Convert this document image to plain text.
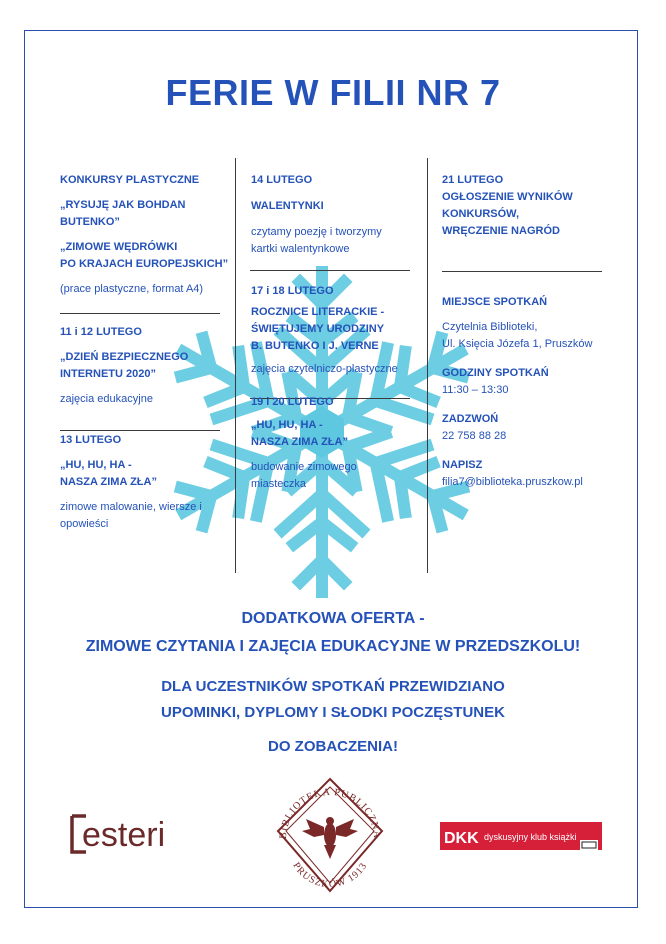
FERIE W FILII NR 7

KONKURSY PLASTYCZNE

„RYSUJĘ JAK BOHDAN

BUTENKO”

„ZIMOWE WĘDRÓWKI

PO KRAJACH EUROPEJSKICH”

(prace plastyczne, format A4)

11 i 12 LUTEGO

„DZIEŃ BEZPIECZNEGO

INTERNETU 2020”

zajęcia edukacyjne

13 LUTEGO

„HU, HU, HA -

NASZA ZIMA ZŁA”

zimowe malowanie, wiersze i

opowieści

14 LUTEGO

WALENTYNKI

czytamy poezję i tworzymy

kartki walentynkowe

17 i 18 LUTEGO

ROCZNICE LITERACKIE -

ŚWIĘTUJEMY URODZINY

B. BUTENKO I J. VERNE

zajęcia czytelniczo-plastyczne

19 i 20 LUTEGO

„HU, HU, HA -

NASZA ZIMA ZŁA”

budowanie zimowego

miasteczka

21 LUTEGO

OGŁOSZENIE WYNIKÓW

KONKURSÓW,

WRĘCZENIE NAGRÓD

MIEJSCE SPOTKAŃ

Czytelnia Biblioteki,

Ul. Księcia Józefa 1, Pruszków

GODZINY SPOTKAŃ

11:30 – 13:30

ZADZWOŃ

22 758 88 28

NAPISZ

filia7@biblioteka.pruszkow.pl

DODATKOWA OFERTA -
ZIMOWE CZYTANIA I ZAJĘCIA EDUKACYJNE W PRZEDSZKOLU!
DLA UCZESTNIKÓW SPOTKAŃ PRZEWIDZIANO
UPOMINKI, DYPLOMY I SŁODKI POCZĘSTUNEK
DO ZOBACZENIA!
esteri	BIBLIOTEKA PUBLICZNA
PRUSZKÓW 1913
DKK dyskusyjny klub książki
